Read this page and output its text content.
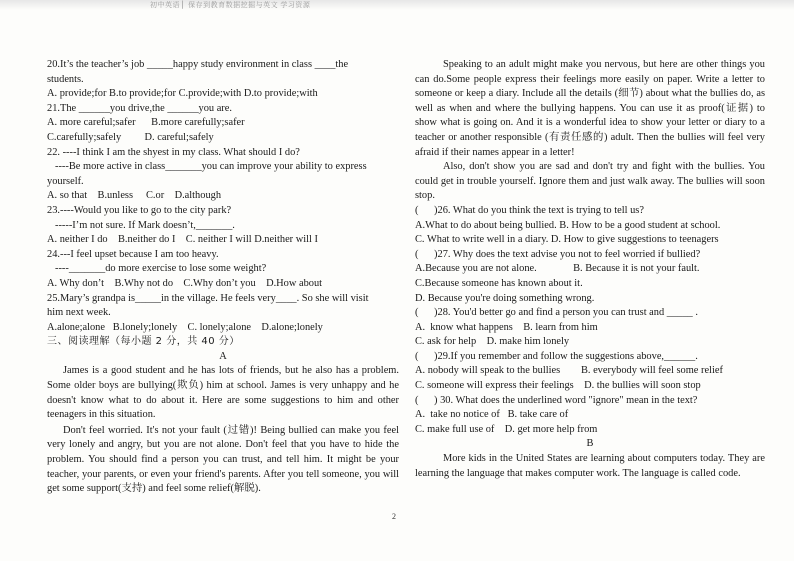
初中英语 ▏保存到教育数据挖掘与英文 学习资源
20.It’s the teacher’s job _____happy study environment in class ____the
students.
A. provide;for B.to provide;for C.provide;with D.to provide;with
21.The ______you drive,the ______you are.
A. more careful;safer      B.more carefully;safer
C.carefully;safely         D. careful;safely
22. ----I think I am the shyest in my class. What should I do?
----Be more active in class_______you can improve your ability to express
yourself.
A. so that    B.unless     C.or    D.although
23.----Would you like to go to the city park?
-----I’m not sure. If Mark doesn’t,_______.
A. neither I do    B.neither do I    C. neither I will D.neither will I
24.---I feel upset because I am too heavy.
----_______do more exercise to lose some weight?
A. Why don’t    B.Why not do    C.Why don’t you    D.How about
25.Mary’s grandpa is_____in the village. He feels very____. So she will visit
him next week.
A.alone;alone   B.lonely;lonely    C. lonely;alone    D.alone;lonely
三、阅读理解（每小题 2 分，共 40 分）
A
James is a good student and he has lots of friends, but he also has a problem. Some older boys are bullying(欺负) him at school. James is very unhappy and he doesn't know what to do about it. Here are some suggestions to him and other teenagers in this situation.
Don't feel worried. It's not your fault (过错)! Being bullied can make you feel very lonely and angry, but you are not alone. Don't feel that you have to hide the problem. You should find a person you can trust, and tell him. It might be your teacher, your parents, or even your friend's parents. After you tell someone, you will get some support(支持) and feel some relief(解脱).
Speaking to an adult might make you nervous, but here are other things you can do.Some people express their feelings more easily on paper. Write a letter to someone or keep a diary. Include all the details (细节) about what the bullies do, as well as when and where the bullying happens. You can use it as proof(证据) to show what is going on. And it is a wonderful idea to show your letter or diary to a teacher or another responsible (有责任感的) adult. Then the bullies will feel very afraid if their names appear in a letter!
Also, don't show you are sad and don't try and fight with the bullies. You could get in trouble yourself. Ignore them and just walk away. The bullies will soon stop.
(      )26. What do you think the text is trying to tell us?
A.What to do about being bullied. B. How to be a good student at school.
C. What to write well in a diary. D. How to give suggestions to teenagers
(      )27. Why does the text advise you not to feel worried if bullied?
A.Because you are not alone.              B. Because it is not your fault.
C.Because someone has known about it.
D. Because you're doing something wrong.
(      )28. You'd better go and find a person you can trust and _____ .
A.  know what happens    B. learn from him
C. ask for help    D. make him lonely
(      )29.If you remember and follow the suggestions above,______.
A. nobody will speak to the bullies        B. everybody will feel some relief
C. someone will express their feelings    D. the bullies will soon stop
(      ) 30. What does the underlined word "ignore" mean in the text?
A.  take no notice of   B. take care of
C. make full use of    D. get more help from
B
More kids in the United States are learning about computers today. They are learning the language that makes computer work. The language is called code.
2
